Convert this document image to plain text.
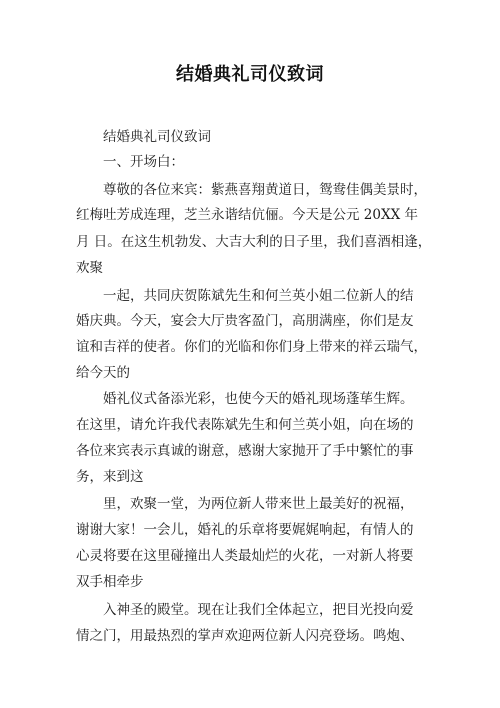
结婚典礼司仪致词
结婚典礼司仪致词
一、开场白：
尊敬的各位来宾：紫燕喜翔黄道日，鸳鸯佳偶美景时，
红梅吐芳成连理，芝兰永谐结伉俪。今天是公元 20XX 年
月 日。在这生机勃发、大吉大利的日子里，我们喜酒相逢，
欢聚
一起，共同庆贺陈斌先生和何兰英小姐二位新人的结
婚庆典。今天，宴会大厅贵客盈门，高朋满座，你们是友
谊和吉祥的使者。你们的光临和你们身上带来的祥云瑞气，
给今天的
婚礼仪式备添光彩，也使今天的婚礼现场蓬荜生辉。
在这里，请允许我代表陈斌先生和何兰英小姐，向在场的
各位来宾表示真诚的谢意，感谢大家抛开了手中繁忙的事
务，来到这
里，欢聚一堂，为两位新人带来世上最美好的祝福，
谢谢大家！一会儿，婚礼的乐章将要娓娓响起，有情人的
心灵将要在这里碰撞出人类最灿烂的火花，一对新人将要
双手相牵步
入神圣的殿堂。现在让我们全体起立，把目光投向爱
情之门，用最热烈的掌声欢迎两位新人闪亮登场。鸣炮、
